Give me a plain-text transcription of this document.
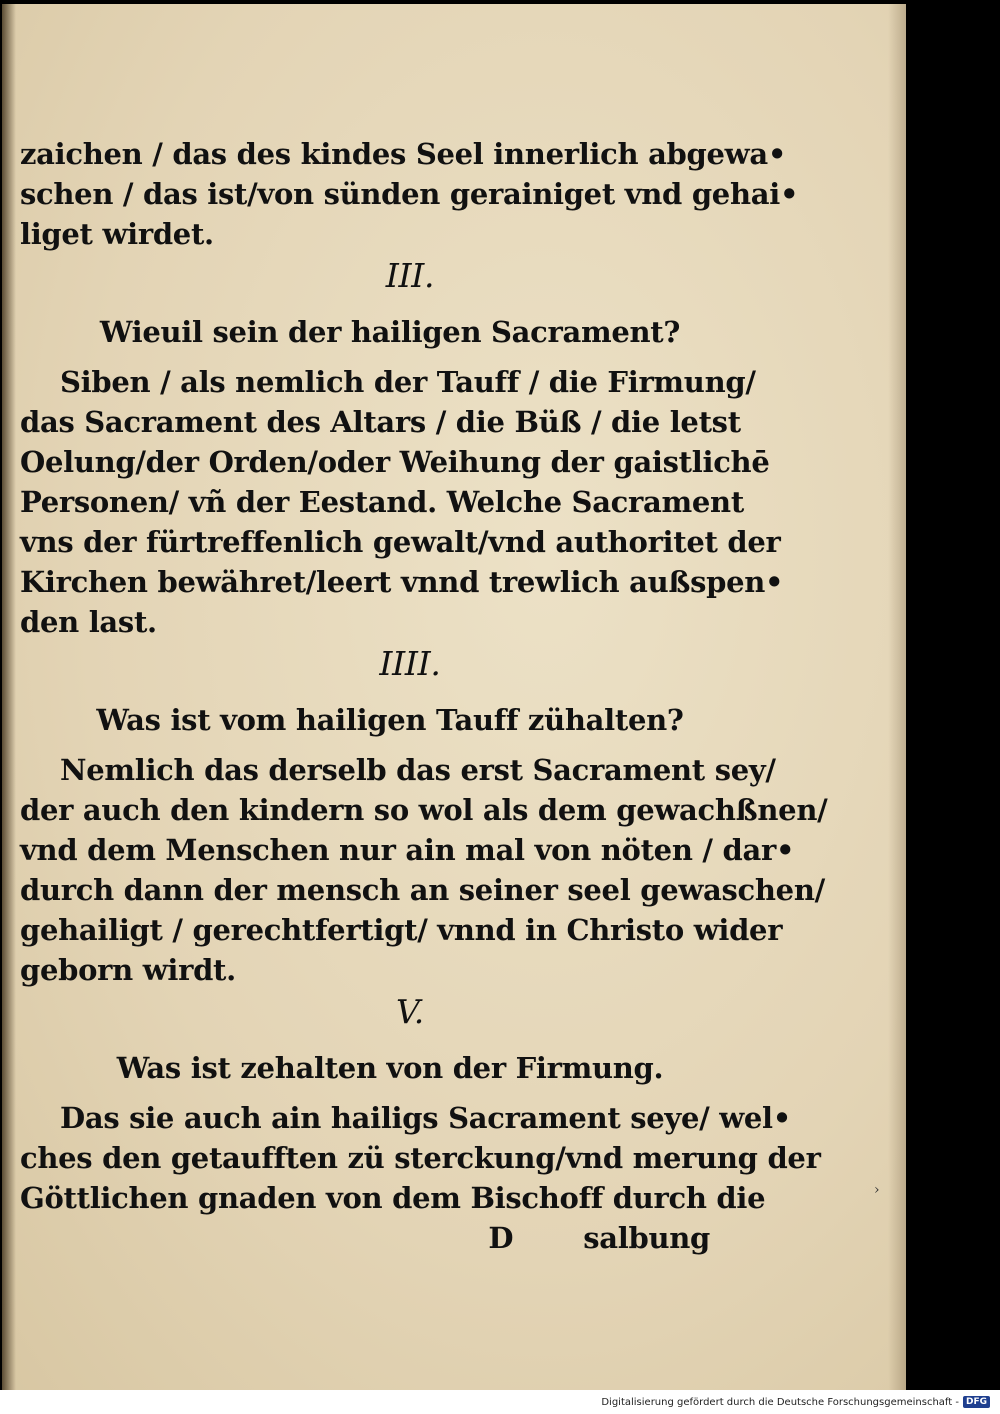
›
zaichen / das des kindes Seel innerlich abgewa•
schen / das ist/von sünden gerainiget vnd gehai•
liget wirdet.
III.
Wieuil sein der hailigen Sacrament?
Siben / als nemlich der Tauff / die Firmung/
das Sacrament des Altars / die Büß / die letst
Oelung/der Orden/oder Weihung der gaistlichē
Personen/ vñ der Eestand. Welche Sacrament
vns der fürtreffenlich gewalt/vnd authoritet der
Kirchen bewähret/leert vnnd trewlich außspen•
den last.
IIII.
Was ist vom hailigen Tauff zühalten?
Nemlich das derselb das erst Sacrament sey/
der auch den kindern so wol als dem gewachßnen/
vnd dem Menschen nur ain mal von nöten / dar•
durch dann der mensch an seiner seel gewaschen/
gehailigt / gerechtfertigt/ vnnd in Christo wider
geborn wirdt.
V.
Was ist zehalten von der Firmung.
Das sie auch ain hailigs Sacrament seye/ wel•
ches den getaufften zü sterckung/vnd merung der
Göttlichen gnaden von dem Bischoff durch die
D salbung
Digitalisierung gefördert durch die Deutsche Forschungsgemeinschaft - DFG
